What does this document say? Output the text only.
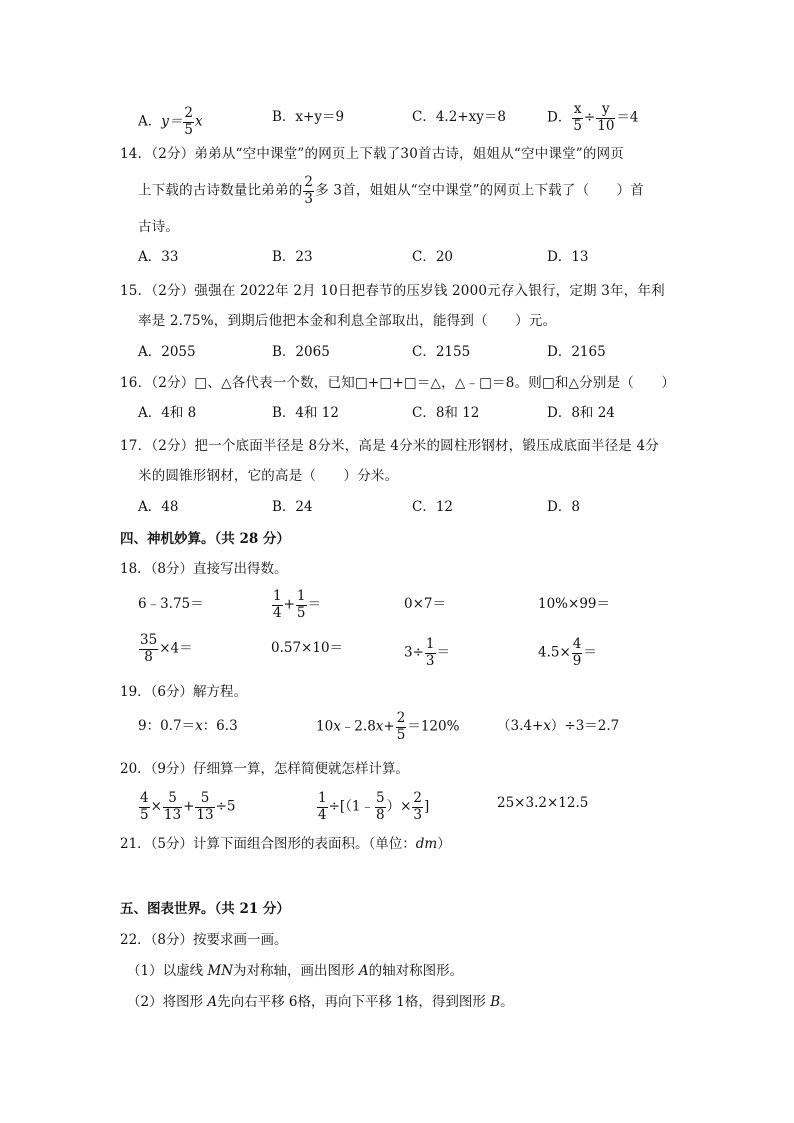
A．$y= \frac{2}{5}$ x	B．x+y＝9	C．4.2+xy＝8	D． $\frac{x}{5} \div \frac{y}{10} =4$
14．（2分）弟弟从“空中课堂”的网页上下载了30首古诗，姐姐从“空中课堂”的网页
上下载的古诗数量比弟弟的 $\frac{2}{3}$ 多 3首，姐姐从“空中课堂”的网页上下载了（　　）首
古诗。
A．33	B．23	C．20	D．13
15．（2分）强强在 2022年 2月 10日把春节的压岁钱 2000元存入银行，定期 3年，年利
率是 2.75%，到期后他把本金和利息全部取出，能得到（　　）元。
A．2055	B．2065	C．2155	D．2165
16．（2分）□、△各代表一个数，已知□+□+□＝△，△﹣□＝8。则□和△分别是（　　）
A．4和 8	B．4和 12	C．8和 12	D．8和 24
17．（2分）把一个底面半径是 8分米，高是 4分米的圆柱形钢材，锻压成底面半径是 4分
米的圆锥形钢材，它的高是（　　）分米。
A．48	B．24	C．12	D．8
四、神机妙算。（共 28 分）
18．（8分）直接写出得数。
6﹣3.75＝	$\frac{1}{4} + \frac{1}{5}$ ＝	0×7＝	10%×99＝
$\frac{35}{8} \times 4=$	0.57×10＝	$3\div \frac{1}{3}$ ＝	$4.5\times \frac{4}{9}$ ＝
19．（6分）解方程。
9：0.7＝x：6.3	10x﹣2.8x+ $\frac{2}{5} =120\%$	（3.4+x）÷3＝2.7
20．（9分）仔细算一算，怎样简便就怎样计算。
$\frac{4}{5} \times \frac{5}{13} + \frac{5}{13} \div 5$	$\frac{1}{4}$ ÷[（1﹣ $\frac{5}{8}$ ）× $\frac{2}{3}$ ]	25×3.2×12.5
21．（5分）计算下面组合图形的表面积。（单位：dm）
五、图表世界。（共 21 分）
22．（8分）按要求画一画。
（1）以虚线 MN为对称轴，画出图形 A的轴对称图形。
（2）将图形 A先向右平移 6格，再向下平移 1格，得到图形 B。
